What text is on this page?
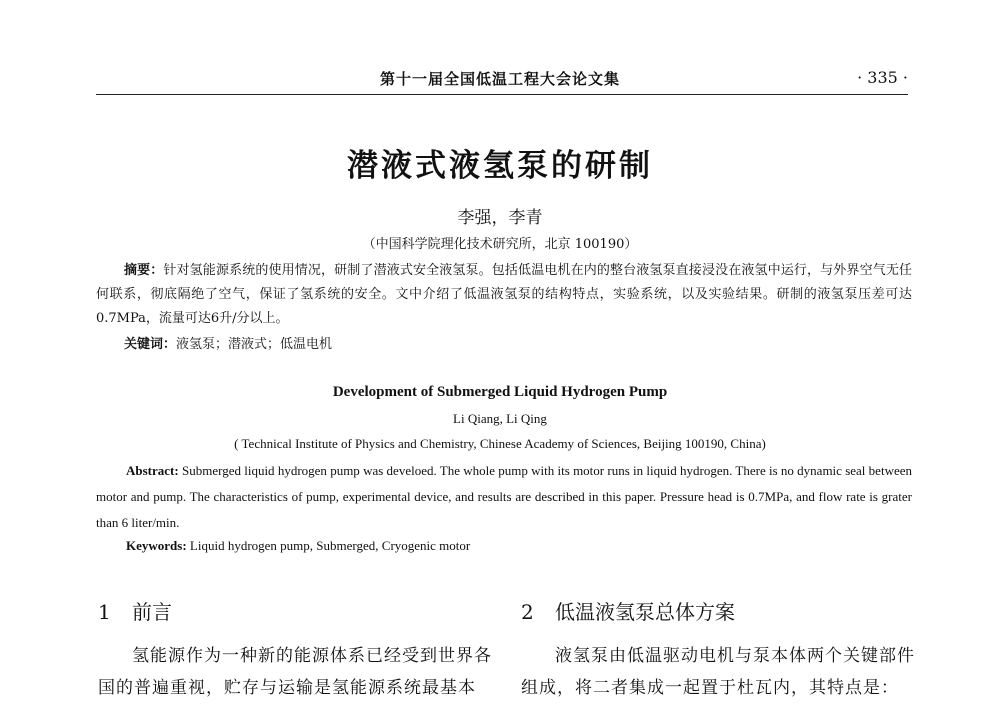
第十一届全国低温工程大会论文集	· 335 ·
潜液式液氢泵的研制
李强，李青
（中国科学院理化技术研究所，北京 100190）
摘要：针对氢能源系统的使用情况，研制了潜液式安全液氢泵。包括低温电机在内的整台液氢泵直接浸没在液氢中运行，与外界空气无任何联系，彻底隔绝了空气，保证了氢系统的安全。文中介绍了低温液氢泵的结构特点，实验系统，以及实验结果。研制的液氢泵压差可达0.7MPa，流量可达6升/分以上。
关键词：液氢泵；潜液式；低温电机
Development of Submerged Liquid Hydrogen Pump
Li Qiang, Li Qing
( Technical Institute of Physics and Chemistry, Chinese Academy of Sciences, Beijing 100190, China)
Abstract: Submerged liquid hydrogen pump was develoed. The whole pump with its motor runs in liquid hydrogen. There is no dynamic seal between motor and pump. The characteristics of pump, experimental device, and results are described in this paper. Pressure head is 0.7MPa, and flow rate is grater than 6 liter/min.
Keywords: Liquid hydrogen pump, Submerged, Cryogenic motor
1 前言
氢能源作为一种新的能源体系已经受到世界各国的普遍重视，贮存与运输是氢能源系统最基本
2 低温液氢泵总体方案
液氢泵由低温驱动电机与泵本体两个关键部件组成，将二者集成一起置于杜瓦内，其特点是：
